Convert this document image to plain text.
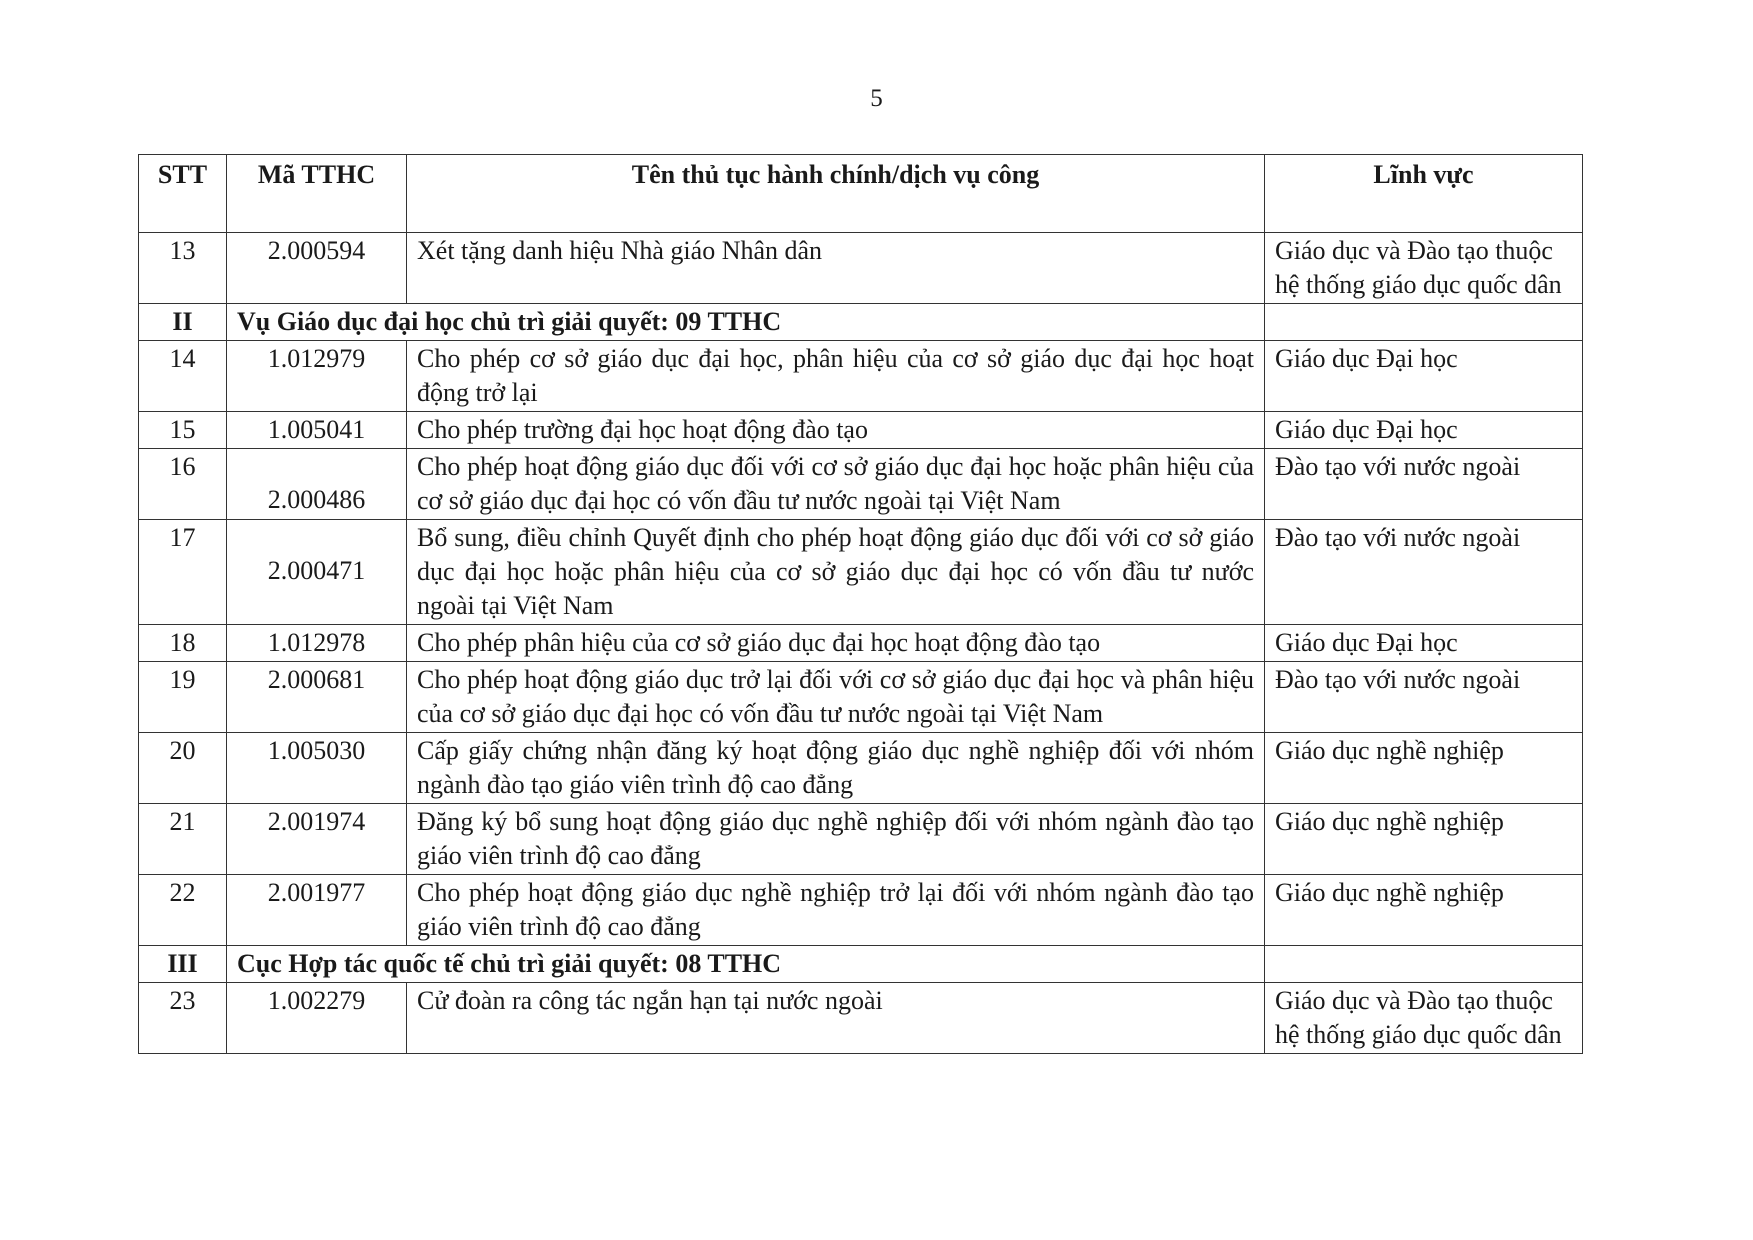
5
STT	Mã TTHC	Tên thủ tục hành chính/dịch vụ công	Lĩnh vực
13	2.000594	Xét tặng danh hiệu Nhà giáo Nhân dân	Giáo dục và Đào tạo thuộc hệ thống giáo dục quốc dân
II	Vụ Giáo dục đại học chủ trì giải quyết: 09 TTHC		
14	1.012979	Cho phép cơ sở giáo dục đại học, phân hiệu của cơ sở giáo dục đại học hoạt động trở lại	Giáo dục Đại học
15	1.005041	Cho phép trường đại học hoạt động đào tạo	Giáo dục Đại học
16	2.000486	Cho phép hoạt động giáo dục đối với cơ sở giáo dục đại học hoặc phân hiệu của cơ sở giáo dục đại học có vốn đầu tư nước ngoài tại Việt Nam	Đào tạo với nước ngoài
17	2.000471	Bổ sung, điều chỉnh Quyết định cho phép hoạt động giáo dục đối với cơ sở giáo dục đại học hoặc phân hiệu của cơ sở giáo dục đại học có vốn đầu tư nước ngoài tại Việt Nam	Đào tạo với nước ngoài
18	1.012978	Cho phép phân hiệu của cơ sở giáo dục đại học hoạt động đào tạo	Giáo dục Đại học
19	2.000681	Cho phép hoạt động giáo dục trở lại đối với cơ sở giáo dục đại học và phân hiệu của cơ sở giáo dục đại học có vốn đầu tư nước ngoài tại Việt Nam	Đào tạo với nước ngoài
20	1.005030	Cấp giấy chứng nhận đăng ký hoạt động giáo dục nghề nghiệp đối với nhóm ngành đào tạo giáo viên trình độ cao đẳng	Giáo dục nghề nghiệp
21	2.001974	Đăng ký bổ sung hoạt động giáo dục nghề nghiệp đối với nhóm ngành đào tạo giáo viên trình độ cao đẳng	Giáo dục nghề nghiệp
22	2.001977	Cho phép hoạt động giáo dục nghề nghiệp trở lại đối với nhóm ngành đào tạo giáo viên trình độ cao đẳng	Giáo dục nghề nghiệp
III	Cục Hợp tác quốc tế chủ trì giải quyết: 08 TTHC		
23	1.002279	Cử đoàn ra công tác ngắn hạn tại nước ngoài	Giáo dục và Đào tạo thuộc hệ thống giáo dục quốc dân
